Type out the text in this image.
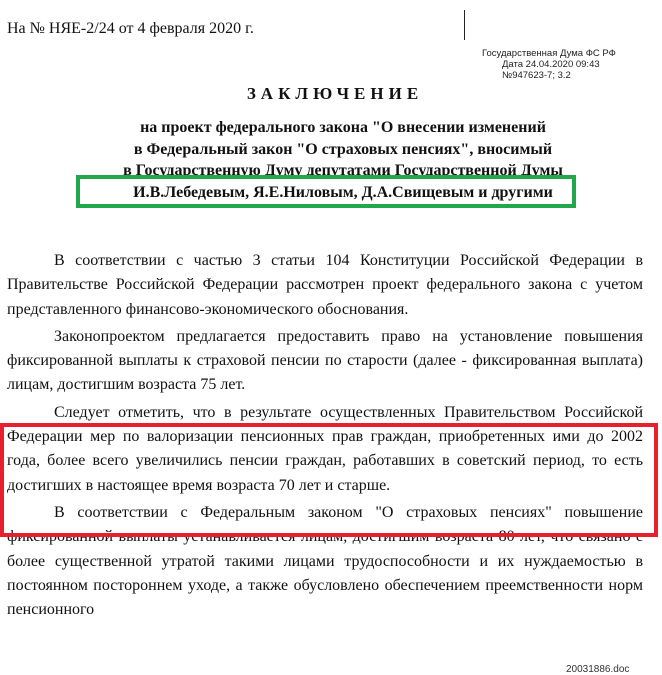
На № НЯЕ-2/24 от 4 февраля 2020 г.
Государственная Дума ФС РФ
Дата 24.04.2020 09:43
№947623-7; 3.2
ЗАКЛЮЧЕНИЕ
на проект федерального закона "О внесении изменений
в Федеральный закон "О страховых пенсиях", вносимый
в Государственную Думу депутатами Государственной Думы
И.В.Лебедевым, Я.Е.Ниловым, Д.А.Свищевым и другими

В соответствии с частью 3 статьи 104 Конституции Российской Федерации в Правительстве Российской Федерации рассмотрен проект федерального закона с учетом представленного финансово-экономического обоснования.

Законопроектом предлагается предоставить право на установление повышения фиксированной выплаты к страховой пенсии по старости (далее - фиксированная выплата) лицам, достигшим возраста 75 лет.

Следует отметить, что в результате осуществленных Правительством Российской Федерации мер по валоризации пенсионных прав граждан, приобретенных ими до 2002 года, более всего увеличились пенсии граждан, работавших в советский период, то есть достигших в настоящее время возраста 70 лет и старше.

В соответствии с Федеральным законом "О страховых пенсиях" повышение фиксированной выплаты устанавливается лицам, достигшим возраста 80 лет, что связано с более существенной утратой такими лицами трудоспособности и их нуждаемостью в постоянном постороннем уходе, а также обусловлено обеспечением преемственности норм пенсионного

20031886.doc
